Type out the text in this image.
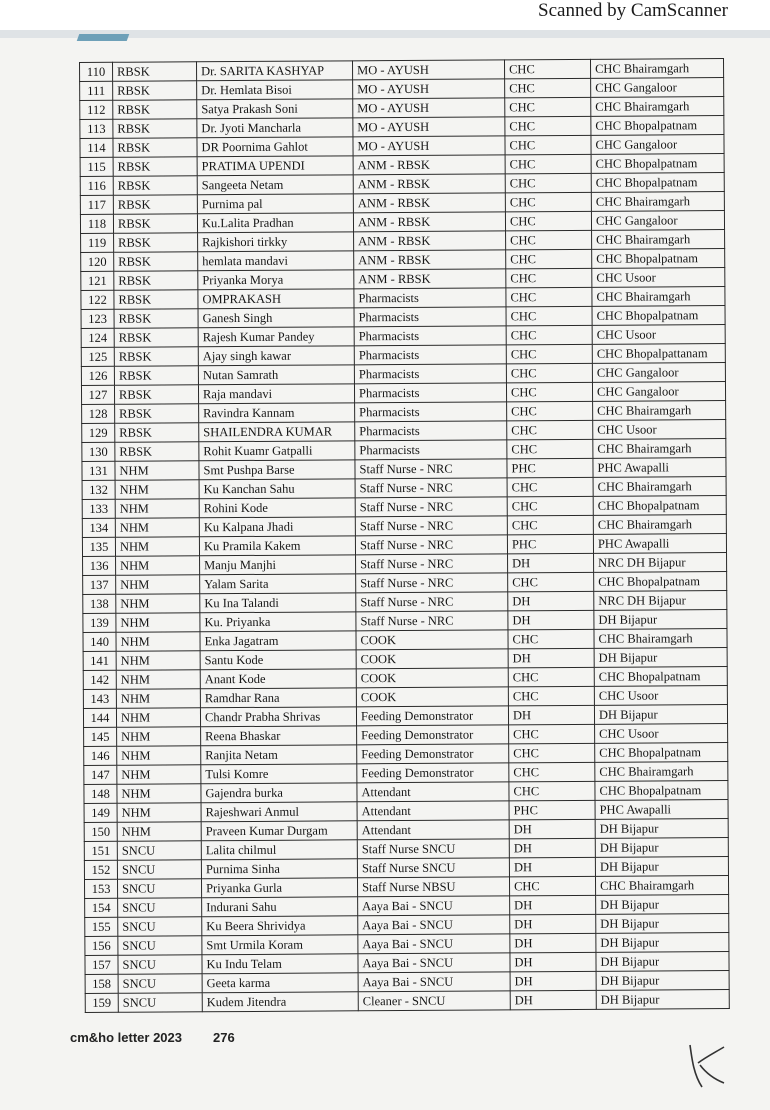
Scanned by CamScanner
110	RBSK	Dr. SARITA KASHYAP	MO - AYUSH	CHC	CHC Bhairamgarh
111	RBSK	Dr. Hemlata Bisoi	MO - AYUSH	CHC	CHC Gangaloor
112	RBSK	Satya Prakash Soni	MO - AYUSH	CHC	CHC Bhairamgarh
113	RBSK	Dr. Jyoti Mancharla	MO - AYUSH	CHC	CHC Bhopalpatnam
114	RBSK	DR Poornima Gahlot	MO - AYUSH	CHC	CHC Gangaloor
115	RBSK	PRATIMA UPENDI	ANM - RBSK	CHC	CHC Bhopalpatnam
116	RBSK	Sangeeta Netam	ANM - RBSK	CHC	CHC Bhopalpatnam
117	RBSK	Purnima pal	ANM - RBSK	CHC	CHC Bhairamgarh
118	RBSK	Ku.Lalita Pradhan	ANM - RBSK	CHC	CHC Gangaloor
119	RBSK	Rajkishori tirkky	ANM - RBSK	CHC	CHC Bhairamgarh
120	RBSK	hemlata mandavi	ANM - RBSK	CHC	CHC Bhopalpatnam
121	RBSK	Priyanka Morya	ANM - RBSK	CHC	CHC Usoor
122	RBSK	OMPRAKASH	Pharmacists	CHC	CHC Bhairamgarh
123	RBSK	Ganesh Singh	Pharmacists	CHC	CHC Bhopalpatnam
124	RBSK	Rajesh Kumar Pandey	Pharmacists	CHC	CHC Usoor
125	RBSK	Ajay singh kawar	Pharmacists	CHC	CHC Bhopalpattanam
126	RBSK	Nutan Samrath	Pharmacists	CHC	CHC Gangaloor
127	RBSK	Raja mandavi	Pharmacists	CHC	CHC Gangaloor
128	RBSK	Ravindra Kannam	Pharmacists	CHC	CHC Bhairamgarh
129	RBSK	SHAILENDRA KUMAR	Pharmacists	CHC	CHC Usoor
130	RBSK	Rohit Kuamr Gatpalli	Pharmacists	CHC	CHC Bhairamgarh
131	NHM	Smt Pushpa Barse	Staff Nurse - NRC	PHC	PHC Awapalli
132	NHM	Ku Kanchan Sahu	Staff Nurse - NRC	CHC	CHC Bhairamgarh
133	NHM	Rohini Kode	Staff Nurse - NRC	CHC	CHC Bhopalpatnam
134	NHM	Ku Kalpana Jhadi	Staff Nurse - NRC	CHC	CHC Bhairamgarh
135	NHM	Ku Pramila Kakem	Staff Nurse - NRC	PHC	PHC Awapalli
136	NHM	Manju Manjhi	Staff Nurse - NRC	DH	NRC DH Bijapur
137	NHM	Yalam Sarita	Staff Nurse - NRC	CHC	CHC Bhopalpatnam
138	NHM	Ku Ina Talandi	Staff Nurse - NRC	DH	NRC DH Bijapur
139	NHM	Ku. Priyanka	Staff Nurse - NRC	DH	DH Bijapur
140	NHM	Enka Jagatram	COOK	CHC	CHC Bhairamgarh
141	NHM	Santu Kode	COOK	DH	DH Bijapur
142	NHM	Anant Kode	COOK	CHC	CHC Bhopalpatnam
143	NHM	Ramdhar Rana	COOK	CHC	CHC Usoor
144	NHM	Chandr Prabha Shrivas	Feeding Demonstrator	DH	DH Bijapur
145	NHM	Reena Bhaskar	Feeding Demonstrator	CHC	CHC Usoor
146	NHM	Ranjita Netam	Feeding Demonstrator	CHC	CHC Bhopalpatnam
147	NHM	Tulsi Komre	Feeding Demonstrator	CHC	CHC Bhairamgarh
148	NHM	Gajendra burka	Attendant	CHC	CHC Bhopalpatnam
149	NHM	Rajeshwari Anmul	Attendant	PHC	PHC Awapalli
150	NHM	Praveen Kumar Durgam	Attendant	DH	DH Bijapur
151	SNCU	Lalita chilmul	Staff Nurse SNCU	DH	DH Bijapur
152	SNCU	Purnima Sinha	Staff Nurse SNCU	DH	DH Bijapur
153	SNCU	Priyanka Gurla	Staff Nurse NBSU	CHC	CHC Bhairamgarh
154	SNCU	Indurani Sahu	Aaya Bai - SNCU	DH	DH Bijapur
155	SNCU	Ku Beera Shrividya	Aaya Bai - SNCU	DH	DH Bijapur
156	SNCU	Smt Urmila Koram	Aaya Bai - SNCU	DH	DH Bijapur
157	SNCU	Ku Indu Telam	Aaya Bai - SNCU	DH	DH Bijapur
158	SNCU	Geeta karma	Aaya Bai - SNCU	DH	DH Bijapur
159	SNCU	Kudem Jitendra	Cleaner - SNCU	DH	DH Bijapur
cm&ho letter 2023 276
